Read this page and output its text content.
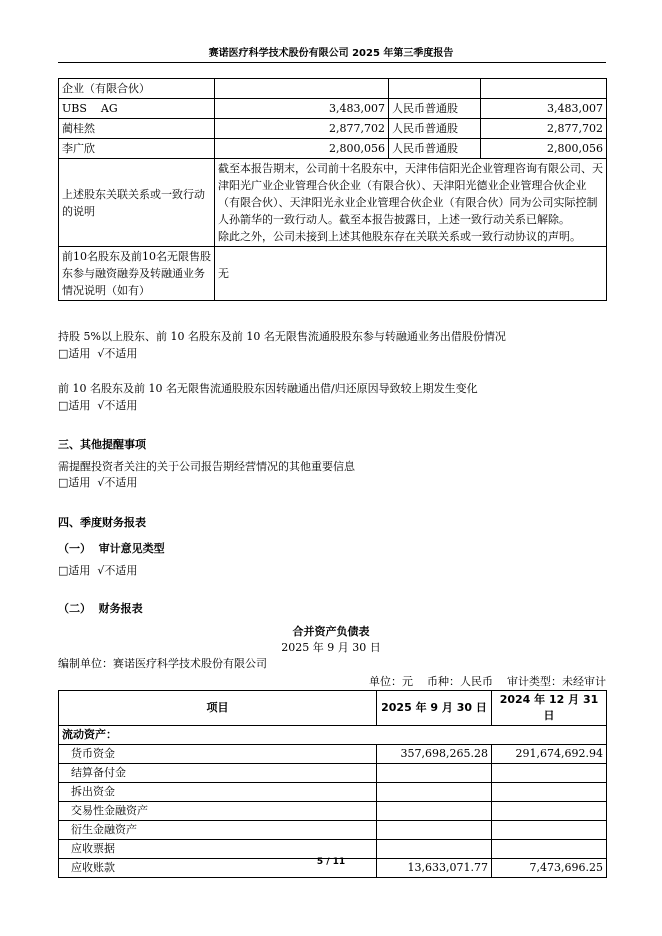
赛诺医疗科学技术股份有限公司 2025 年第三季度报告
企业（有限合伙）			
UBS    AG	3,483,007	人民币普通股	3,483,007
蔺桂然	2,877,702	人民币普通股	2,877,702
李广欣	2,800,056	人民币普通股	2,800,056
上述股东关联关系或一致行动的说明	截至本报告期末，公司前十名股东中，天津伟信阳光企业管理咨询有限公司、天津阳光广业企业管理合伙企业（有限合伙）、天津阳光德业企业管理合伙企业（有限合伙）、天津阳光永业企业管理合伙企业（有限合伙）同为公司实际控制人孙箭华的一致行动人。截至本报告披露日，上述一致行动关系已解除。
除此之外，公司未接到上述其他股东存在关联关系或一致行动协议的声明。		

前10名股东及前10名无限售股东参与融资融券及转融通业务情况说明（如有）	无		
持股 5%以上股东、前 10 名股东及前 10 名无限售流通股股东参与转融通业务出借股份情况
□适用  √不适用
前 10 名股东及前 10 名无限售流通股股东因转融通出借/归还原因导致较上期发生变化
□适用  √不适用
三、其他提醒事项
需提醒投资者关注的关于公司报告期经营情况的其他重要信息
□适用  √不适用
四、季度财务报表
（一）  审计意见类型
□适用  √不适用
（二）  财务报表
合并资产负债表
2025 年 9 月 30 日
编制单位：赛诺医疗科学技术股份有限公司
单位：元    币种：人民币    审计类型：未经审计
项目	2025 年 9 月 30 日	2024 年 12 月 31 日
流动资产：		
货币资金	357,698,265.28	291,674,692.94
结算备付金		
拆出资金		
交易性金融资产		
衍生金融资产		
应收票据		
应收账款	13,633,071.77	7,473,696.25
5 / 11
